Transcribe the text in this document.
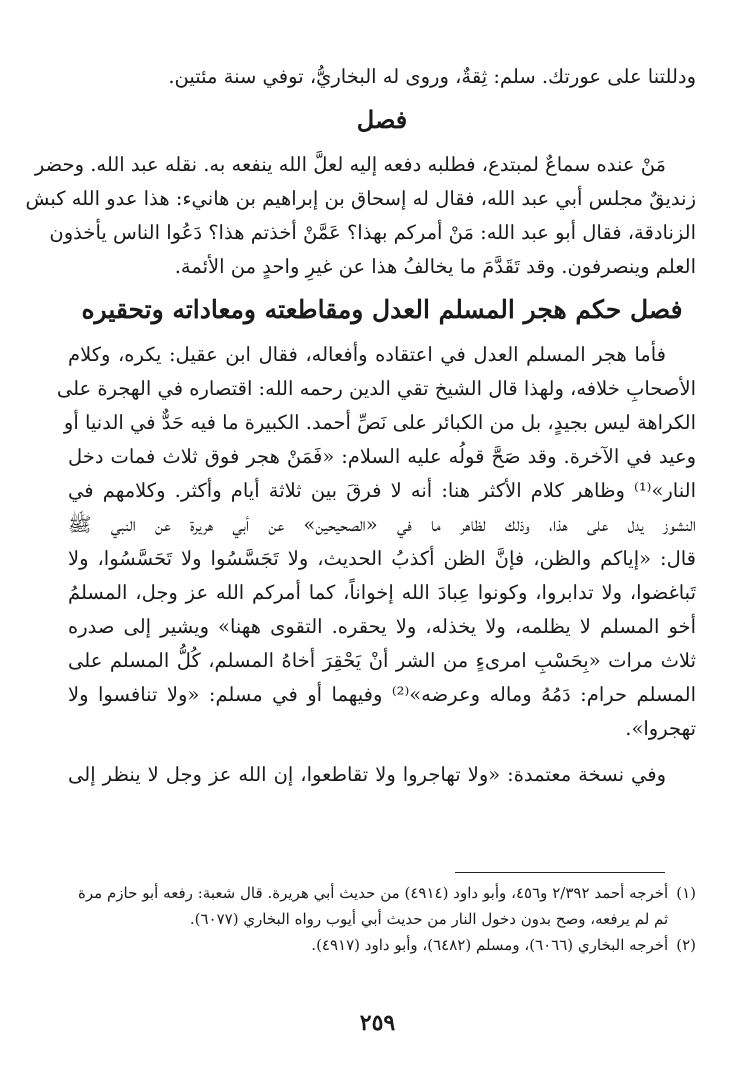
ودللتنا على عورتك. سلم: ثِقةٌ، وروى له البخاريُّ، توفي سنة مئتين.
فصل
مَنْ عنده سماعٌ لمبتدع، فطلبه دفعه إليه لعلَّ الله ينفعه به. نقله عبد الله. وحضر
زنديقٌ مجلس أبي عبد الله، فقال له إسحاق بن إبراهيم بن هانيء: هذا عدو الله كبش
الزنادقة، فقال أبو عبد الله: مَنْ أمركم بهذا؟ عَمَّنْ أخذتم هذا؟ دَعُوا الناس يأخذون
العلم وينصرفون. وقد تَقَدَّمَ ما يخالفُ هذا عن غيرِ واحدٍ من الأئمة.
فصل حكم هجر المسلم العدل ومقاطعته ومعاداته وتحقيره
فأما هجر المسلم العدل في اعتقاده وأفعاله، فقال ابن عقيل: يكره، وكلام
الأصحابِ خلافه، ولهذا قال الشيخ تقي الدين رحمه الله: اقتصاره في الهجرة على
الكراهة ليس بجيدٍ، بل من الكبائر على نَصِّ أحمد. الكبيرة ما فيه حَدٌّ في الدنيا أو
وعيد في الآخرة. وقد صَحَّ قولُه عليه السلام: «فَمَنْ هجر فوق ثلاث فمات دخل
النار»⁽¹⁾ وظاهر كلام الأكثر هنا: أنه لا فرقَ بين ثلاثة أيام وأكثر. وكلامهم في
النشوز يدل على هذا، وذلك لظاهر ما في «الصحيحين» عن أبي هريرة عن النبي ﷺ
قال: «إياكم والظن، فإنَّ الظن أكذبُ الحديث، ولا تَجَسَّسُوا ولا تَحَسَّسُوا، ولا
تَباغضوا، ولا تدابروا، وكونوا عِبادَ الله إخواناً، كما أمركم الله عز وجل، المسلمُ
أخو المسلم لا يظلمه، ولا يخذله، ولا يحقره. التقوى ههنا» ويشير إلى صدره
ثلاث مرات «بِحَسْبِ امرىءٍ من الشر أنْ يَحْقِرَ أخاهُ المسلم، كُلُّ المسلم على
المسلم حرام: دَمُهُ وماله وعرضه»⁽²⁾ وفيهما أو في مسلم: «ولا تنافسوا ولا
تهجروا».
وفي نسخة معتمدة: «ولا تهاجروا ولا تقاطعوا، إن الله عز وجل لا ينظر إلى
(١)
أخرجه أحمد ٢/٣٩٢ و٤٥٦، وأبو داود (٤٩١٤) من حديث أبي هريرة. قال شعبة: رفعه أبو حازم مرة ثم لم يرفعه، وصح بدون دخول النار من حديث أبي أيوب رواه البخاري (٦٠٧٧).
(٢)
أخرجه البخاري (٦٠٦٦)، ومسلم (٦٤٨٢)، وأبو داود (٤٩١٧).
٢٥٩
